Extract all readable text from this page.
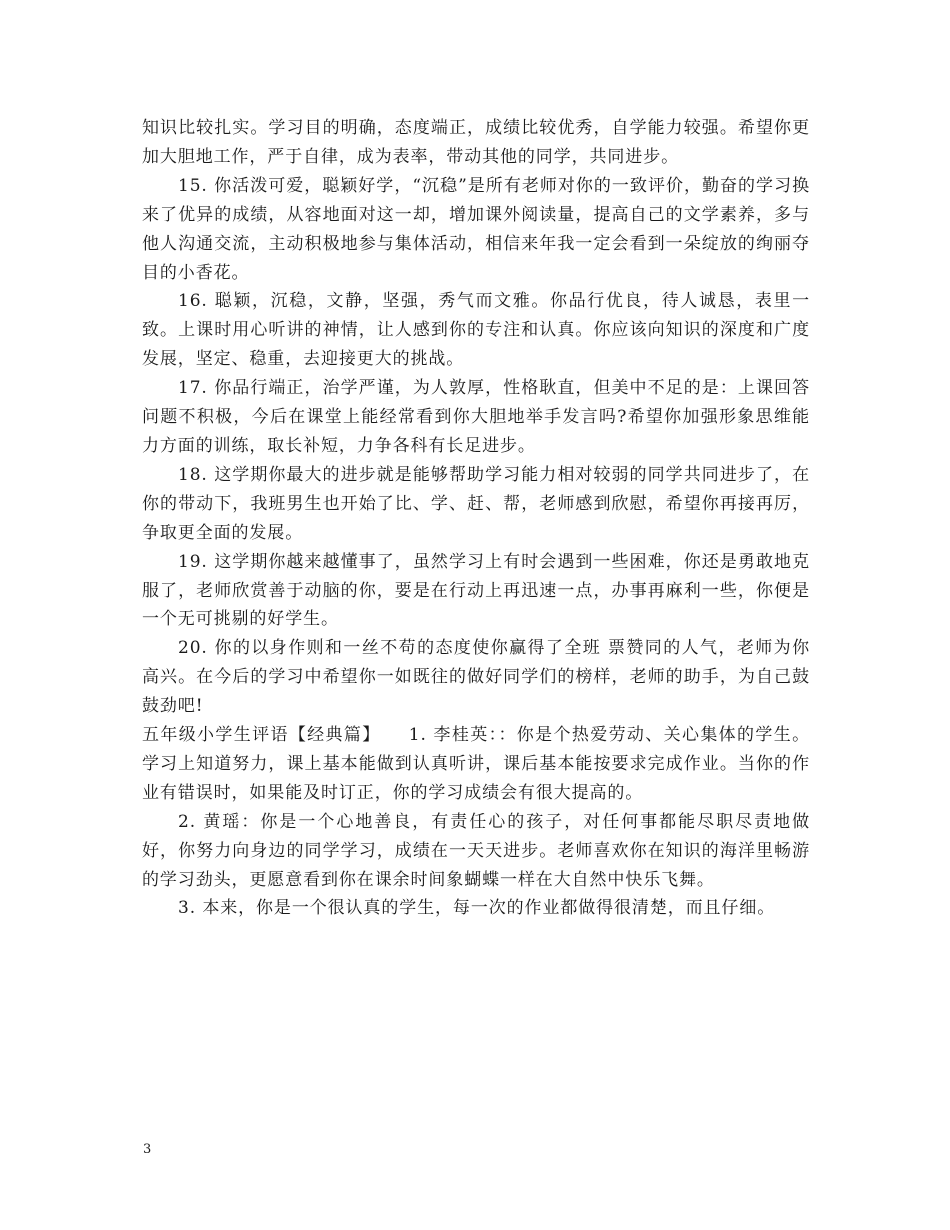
知识比较扎实。学习目的明确，态度端正，成绩比较优秀，自学能力较强。希望你更加大胆地工作，严于自律，成为表率，带动其他的同学，共同进步。

15. 你活泼可爱，聪颖好学，“沉稳”是所有老师对你的一致评价，勤奋的学习换来了优异的成绩，从容地面对这一却，增加课外阅读量，提高自己的文学素养，多与他人沟通交流，主动积极地参与集体活动，相信来年我一定会看到一朵绽放的绚丽夺目的小香花。

16. 聪颖，沉稳，文静，坚强，秀气而文雅。你品行优良，待人诚恳，表里一致。上课时用心听讲的神情，让人感到你的专注和认真。你应该向知识的深度和广度发展，坚定、稳重，去迎接更大的挑战。

17. 你品行端正，治学严谨，为人敦厚，性格耿直，但美中不足的是：上课回答问题不积极，今后在课堂上能经常看到你大胆地举手发言吗?希望你加强形象思维能力方面的训练，取长补短，力争各科有长足进步。

18. 这学期你最大的进步就是能够帮助学习能力相对较弱的同学共同进步了，在你的带动下，我班男生也开始了比、学、赶、帮，老师感到欣慰，希望你再接再厉，争取更全面的发展。

19. 这学期你越来越懂事了，虽然学习上有时会遇到一些困难，你还是勇敢地克服了，老师欣赏善于动脑的你，要是在行动上再迅速一点，办事再麻利一些，你便是一个无可挑剔的好学生。

20. 你的以身作则和一丝不苟的态度使你赢得了全班 票赞同的人气，老师为你高兴。在今后的学习中希望你一如既往的做好同学们的榜样，老师的助手，为自己鼓鼓劲吧!

五年级小学生评语【经典篇】　　1. 李桂英：：你是个热爱劳动、关心集体的学生。学习上知道努力，课上基本能做到认真听讲，课后基本能按要求完成作业。当你的作业有错误时，如果能及时订正，你的学习成绩会有很大提高的。

2. 黄瑶：你是一个心地善良，有责任心的孩子，对任何事都能尽职尽责地做好，你努力向身边的同学学习，成绩在一天天进步。老师喜欢你在知识的海洋里畅游的学习劲头，更愿意看到你在课余时间象蝴蝶一样在大自然中快乐飞舞。

3. 本来，你是一个很认真的学生，每一次的作业都做得很清楚，而且仔细。

3
